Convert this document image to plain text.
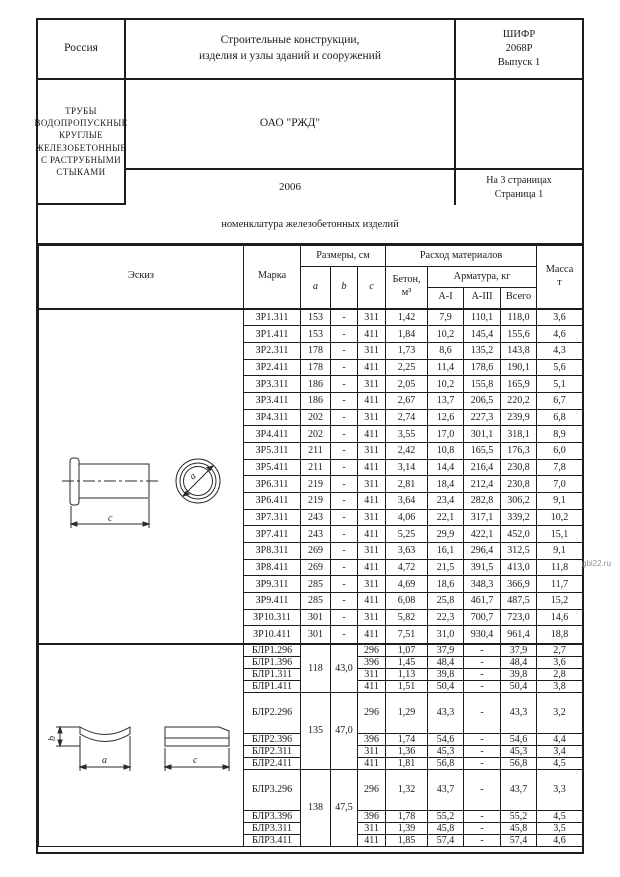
Россия
Строительные конструкции,
изделия и узлы зданий и сооружений
ШИФР
2068Р
Выпуск 1
ОАО "РЖД"
ТРУБЫ ВОДОПРОПУСКНЫЕ КРУГЛЫЕ
ЖЕЛЕЗОБЕТОННЫЕ
С РАСТРУБНЫМИ СТЫКАМИ
2006
На 3 страницах
Страница 1
номенклатура железобетонных изделий
Эскиз	Марка	Размеры, см			Расход материалов				Масса
т

		a	b	c	Бетон,
м³	Арматура, кг			
						А-I	А-III	Всего	

c
a	ЗР1.311	153	-	311	1,42	7,9	110,1	118,0	3,6
	ЗР1.411	153	-	411	1,84	10,2	145,4	155,6	4,6
	ЗР2.311	178	-	311	1,73	8,6	135,2	143,8	4,3
	ЗР2.411	178	-	411	2,25	11,4	178,6	190,1	5,6
	ЗР3.311	186	-	311	2,05	10,2	155,8	165,9	5,1
	ЗР3.411	186	-	411	2,67	13,7	206,5	220,2	6,7
	ЗР4.311	202	-	311	2,74	12,6	227,3	239,9	6,8
	ЗР4.411	202	-	411	3,55	17,0	301,1	318,1	8,9
	ЗР5.311	211	-	311	2,42	10,8	165,5	176,3	6,0
	ЗР5.411	211	-	411	3,14	14,4	216,4	230,8	7,8
	ЗР6.311	219	-	311	2,81	18,4	212,4	230,8	7,0
	ЗР6.411	219	-	411	3,64	23,4	282,8	306,2	9,1
	ЗР7.311	243	-	311	4,06	22,1	317,1	339,2	10,2
	ЗР7.411	243	-	411	5,25	29,9	422,1	452,0	15,1
	ЗР8.311	269	-	311	3,63	16,1	296,4	312,5	9,1
	ЗР8.411	269	-	411	4,72	21,5	391,5	413,0	11,8
	ЗР9.311	285	-	311	4,69	18,6	348,3	366,9	11,7
	ЗР9.411	285	-	411	6,08	25,8	461,7	487,5	15,2
	ЗР10.311	301	-	311	5,82	22,3	700,7	723,0	14,6
	ЗР10.411	301	-	411	7,51	31,0	930,4	961,4	18,8

a
b
c	БЛР1.296	118	43,0	296	1,07	37,9	-	37,9	2,7
	БЛР1.396			396	1,45	48,4	-	48,4	3,6
	БЛР1.311			311	1,13	39,8	-	39,8	2,8
	БЛР1.411			411	1,51	50,4	-	50,4	3,8
	БЛР2.296	135	47,0	296	1,29	43,3	-	43,3	3,2
	БЛР2.396			396	1,74	54,6	-	54,6	4,4
	БЛР2.311			311	1,36	45,3	-	45,3	3,4
	БЛР2.411			411	1,81	56,8	-	56,8	4,5
	БЛР3.296	138	47,5	296	1,32	43,7	-	43,7	3,3
	БЛР3.396			396	1,78	55,2	-	55,2	4,5
	БЛР3.311			311	1,39	45,8	-	45,8	3,5
	БЛР3.411			411	1,85	57,4	-	57,4	4,6
gbi22.ru
